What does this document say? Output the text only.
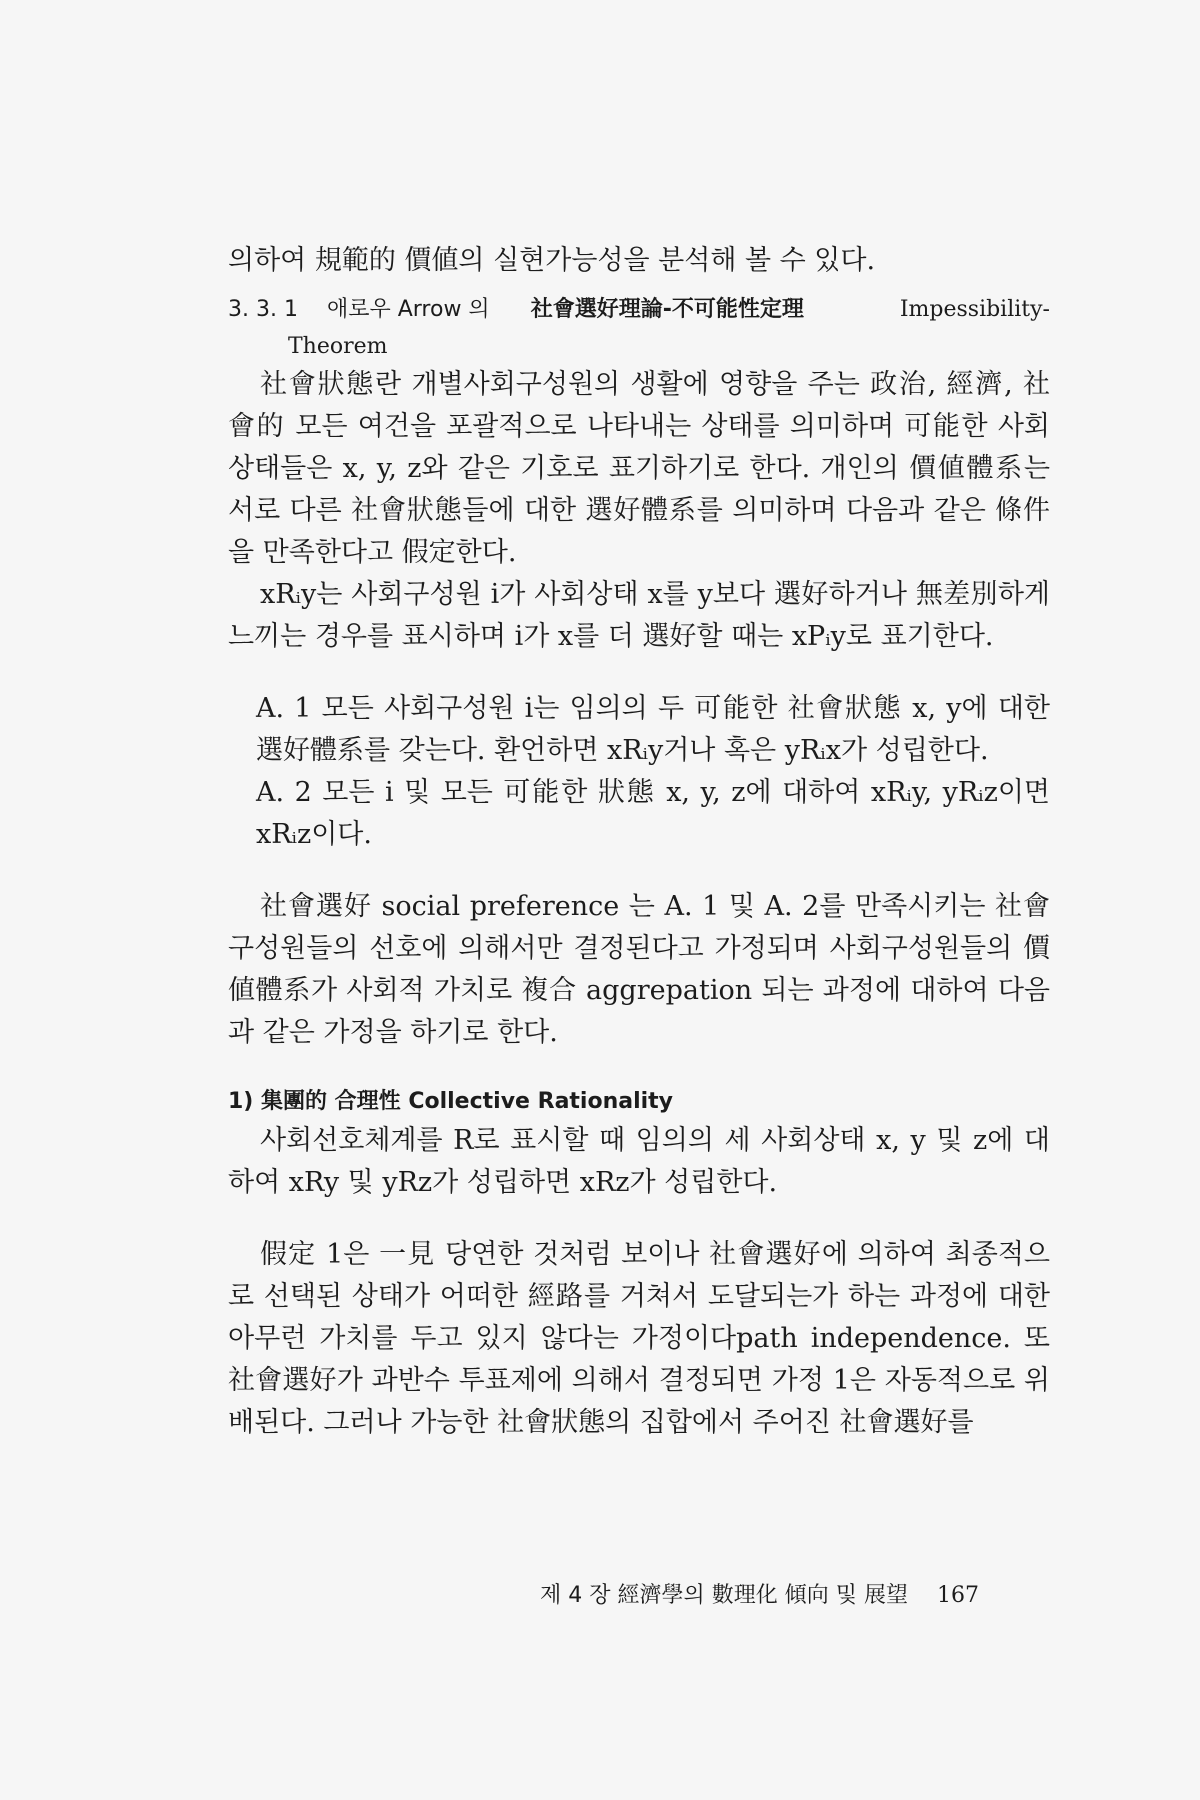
의하여 規範的 價値의 실현가능성을 분석해 볼 수 있다.

3. 3. 1 애로우 Arrow 의 社會選好理論-不可能性定理	Impessibility-
Theorem

社會狀態란 개별사회구성원의 생활에 영향을 주는 政治, 經濟, 社會的 모든 여건을 포괄적으로 나타내는 상태를 의미하며 可能한 사회상태들은 x, y, z와 같은 기호로 표기하기로 한다. 개인의 價値體系는 서로 다른 社會狀態들에 대한 選好體系를 의미하며 다음과 같은 條件을 만족한다고 假定한다.

xRᵢy는 사회구성원 i가 사회상태 x를 y보다 選好하거나 無差別하게 느끼는 경우를 표시하며 i가 x를 더 選好할 때는 xPᵢy로 표기한다.

A. 1 모든 사회구성원 i는 임의의 두 可能한 社會狀態 x, y에 대한 選好體系를 갖는다. 환언하면 xRᵢy거나 혹은 yRᵢx가 성립한다.

A. 2 모든 i 및 모든 可能한 狀態 x, y, z에 대하여 xRᵢy, yRᵢz이면 xRᵢz이다.

社會選好 social preference 는 A. 1 및 A. 2를 만족시키는 社會구성원들의 선호에 의해서만 결정된다고 가정되며 사회구성원들의 價値體系가 사회적 가치로 複合 aggrepation 되는 과정에 대하여 다음과 같은 가정을 하기로 한다.

1) 集團的 合理性 Collective Rationality

사회선호체계를 R로 표시할 때 임의의 세 사회상태 x, y 및 z에 대하여 xRy 및 yRz가 성립하면 xRz가 성립한다.

假定 1은 一見 당연한 것처럼 보이나 社會選好에 의하여 최종적으로 선택된 상태가 어떠한 經路를 거쳐서 도달되는가 하는 과정에 대한 아무런 가치를 두고 있지 않다는 가정이다path independence. 또 社會選好가 과반수 투표제에 의해서 결정되면 가정 1은 자동적으로 위배된다. 그러나 가능한 社會狀態의 집합에서 주어진 社會選好를

제 4 장 經濟學의 數理化 傾向 및 展望 167
